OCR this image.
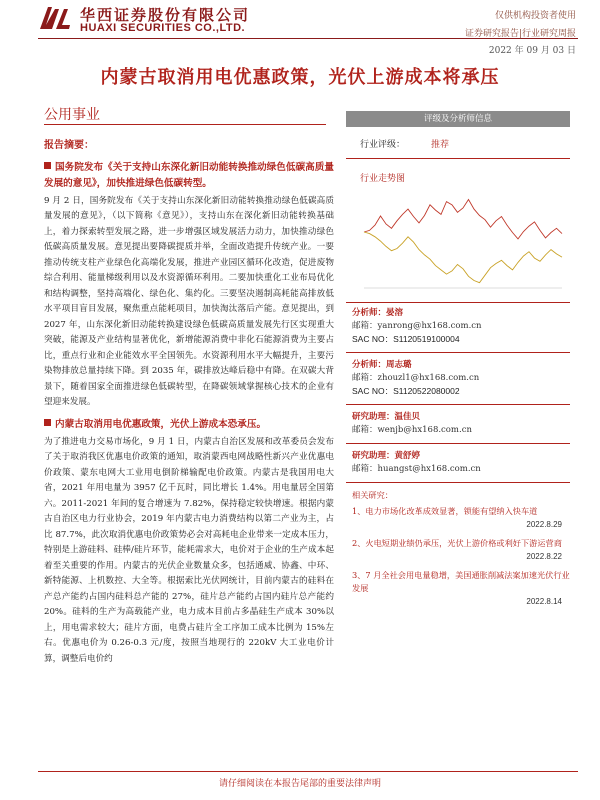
华西证券股份有限公司
HUAXI SECURITIES CO.,LTD.
仅供机构投资者使用
证券研究报告|行业研究周报
2022 年 09 月 03 日
内蒙古取消用电优惠政策，光伏上游成本将承压
公用事业
报告摘要：
国务院发布《关于支持山东深化新旧动能转换推动绿色低碳高质量发展的意见》，加快推进绿色低碳转型。
9 月 2 日，国务院发布《关于支持山东深化新旧动能转换推动绿色低碳高质量发展的意见》，（以下简称《意见》），支持山东在深化新旧动能转换基础上，着力探索转型发展之路，进一步增强区域发展活力动力，加快推动绿色低碳高质量发展。意见提出要降碳提质并举，全面改造提升传统产业。一要推动传统支柱产业绿色化高端化发展，推进产业园区循环化改造，促进废物综合利用、能量梯级利用以及水资源循环利用。二要加快重化工业布局优化和结构调整，坚持高端化、绿色化、集约化。三要坚决遏制高耗能高排放低水平项目盲目发展，聚焦重点能耗项目，加快淘汰落后产能。意见提出，到 2027 年，山东深化新旧动能转换建设绿色低碳高质量发展先行区实现重大突破，能源及产业结构显著优化，新增能源消费中非化石能源消费为主要占比，重点行业和企业能效水平全国领先。水资源利用水平大幅提升，主要污染物排放总量持续下降。到 2035 年，碳排放达峰后稳中有降。在双碳大背景下，随着国家全面推进绿色低碳转型，在降碳领域掌握核心技术的企业有望迎来发展。
内蒙古取消用电优惠政策，光伏上游成本恐承压。
为了推进电力交易市场化，9 月 1 日，内蒙古自治区发展和改革委员会发布了关于取消我区优惠电价政策的通知，取消蒙西电网战略性新兴产业优惠电价政策、蒙东电网大工业用电倒阶梯输配电价政策。内蒙古是我国用电大省，2021 年用电量为 3957 亿千瓦时，同比增长 1.4%。用电量居全国第六。2011-2021 年间的复合增速为 7.82%，保持稳定较快增速。根据内蒙古自治区电力行业协会，2019 年内蒙古电力消费结构以第二产业为主，占比 87.7%，此次取消优惠电价政策势必会对高耗电企业带来一定成本压力，特别是上游硅料、硅棒/硅片环节，能耗需求大，电价对于企业的生产成本起着至关重要的作用。内蒙古的光伏企业数量众多，包括通威、协鑫、中环、新特能源、上机数控、大全等。根据索比光伏网统计，目前内蒙古的硅料在产总产能约占国内硅料总产能的 27%，硅片总产能约占国内硅片总产能约 20%。硅料的生产为高载能产业，电力成本目前占多晶硅生产成本 30%以上，用电需求较大；硅片方面，电费占硅片全工序加工成本比例为 15%左右。优惠电价为 0.26-0.3 元/度，按照当地现行的 220kV 大工业电价计算，调整后电价约
评级及分析师信息
行业评级：	推荐
行业走势图
分析师：晏溶
邮箱：yanrong@hx168.com.cn
SAC NO：S1120519100004
分析师：周志璐
邮箱：zhouzl1@hx168.com.cn
SAC NO：S1120522080002
研究助理：温佳贝
邮箱：wenjb@hx168.com.cn
研究助理：黄舒婷
邮箱：huangst@hx168.com.cn
相关研究：
1、电力市场化改革成效显著，锁能有望纳入快车道
2022.8.29
2、火电短期业绩仍承压，光伏上游价格或利好下游运营商
2022.8.22
3、7 月全社会用电量稳增，美国通胀削减法案加速光伏行业发展
2022.8.14
请仔细阅读在本报告尾部的重要法律声明
